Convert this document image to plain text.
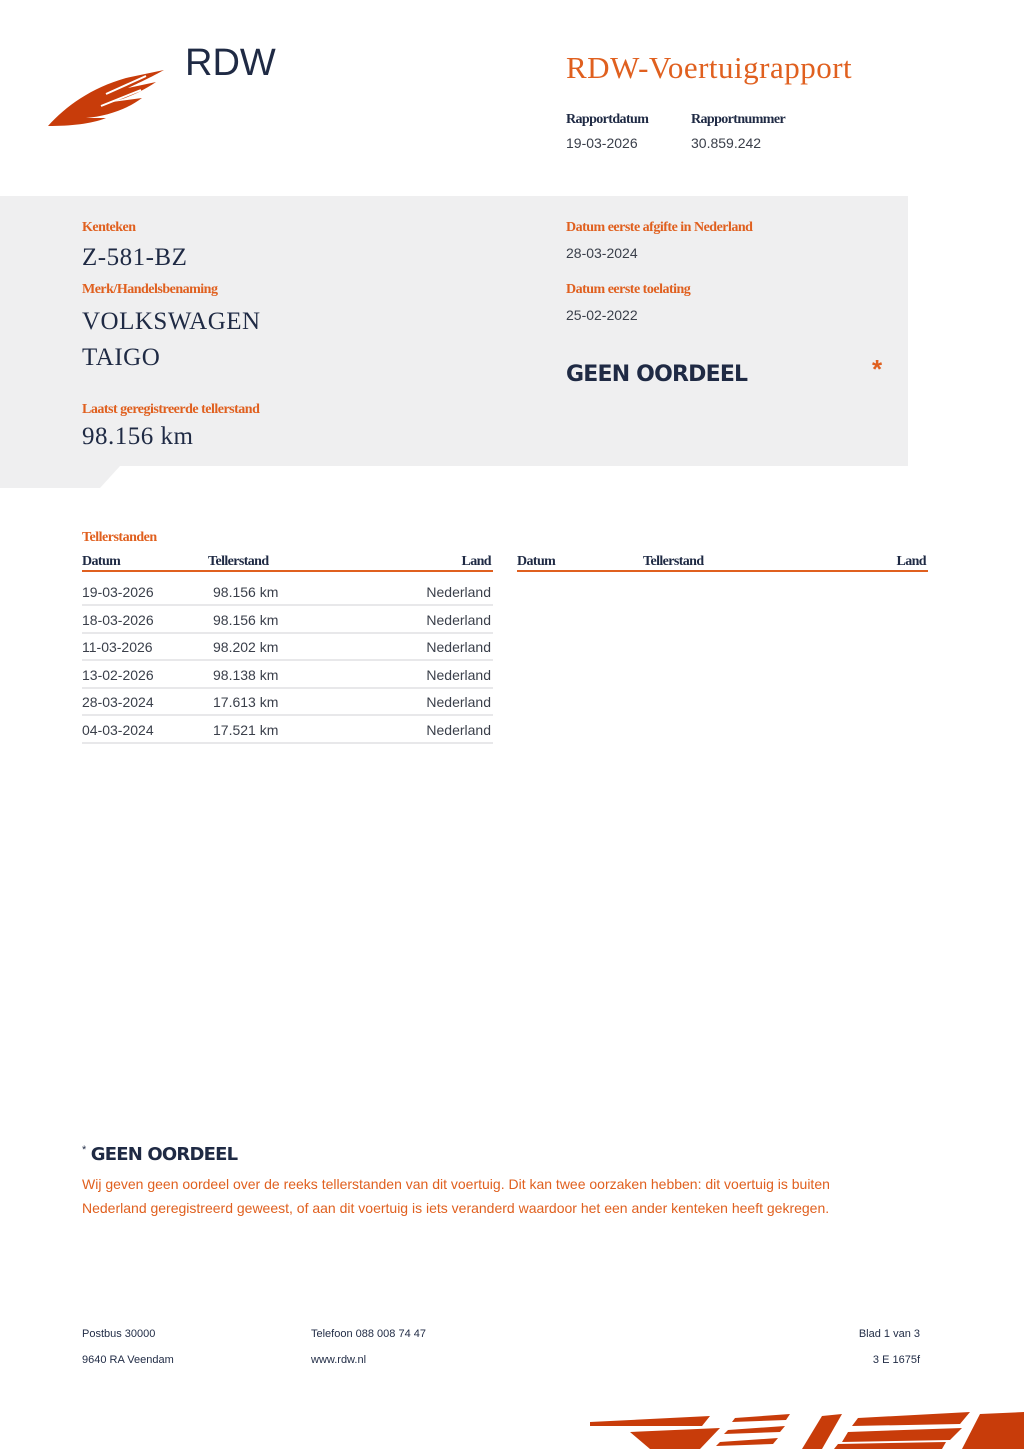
RDW	RDW-Voertuigrapport
Rapportdatum
19-03-2026
Rapportnummer
30.859.242
Kenteken
Z-581-BZ
Merk/Handelsbenaming
VOLKSWAGEN
TAIGO
Laatst geregistreerde tellerstand
98.156 km
Datum eerste afgifte in Nederland
28-03-2024
Datum eerste toelating
25-02-2022
GEEN OORDEEL	*
Tellerstanden
Datum	Tellerstand	Land Datum	Tellerstand	Land
19-03-2026	98.156 km	Nederland
18-03-2026	98.156 km	Nederland
11-03-2026	98.202 km	Nederland
13-02-2026	98.138 km	Nederland
28-03-2024	17.613 km	Nederland
04-03-2024	17.521 km	Nederland
* GEEN OORDEEL
Wij geven geen oordeel over de reeks tellerstanden van dit voertuig. Dit kan twee oorzaken hebben: dit voertuig is buiten Nederland geregistreerd geweest, of aan dit voertuig is iets veranderd waardoor het een ander kenteken heeft gekregen.
Postbus 30000
9640 RA Veendam
Telefoon 088 008 74 47
www.rdw.nl
Blad 1 van 3
3 E 1675f
